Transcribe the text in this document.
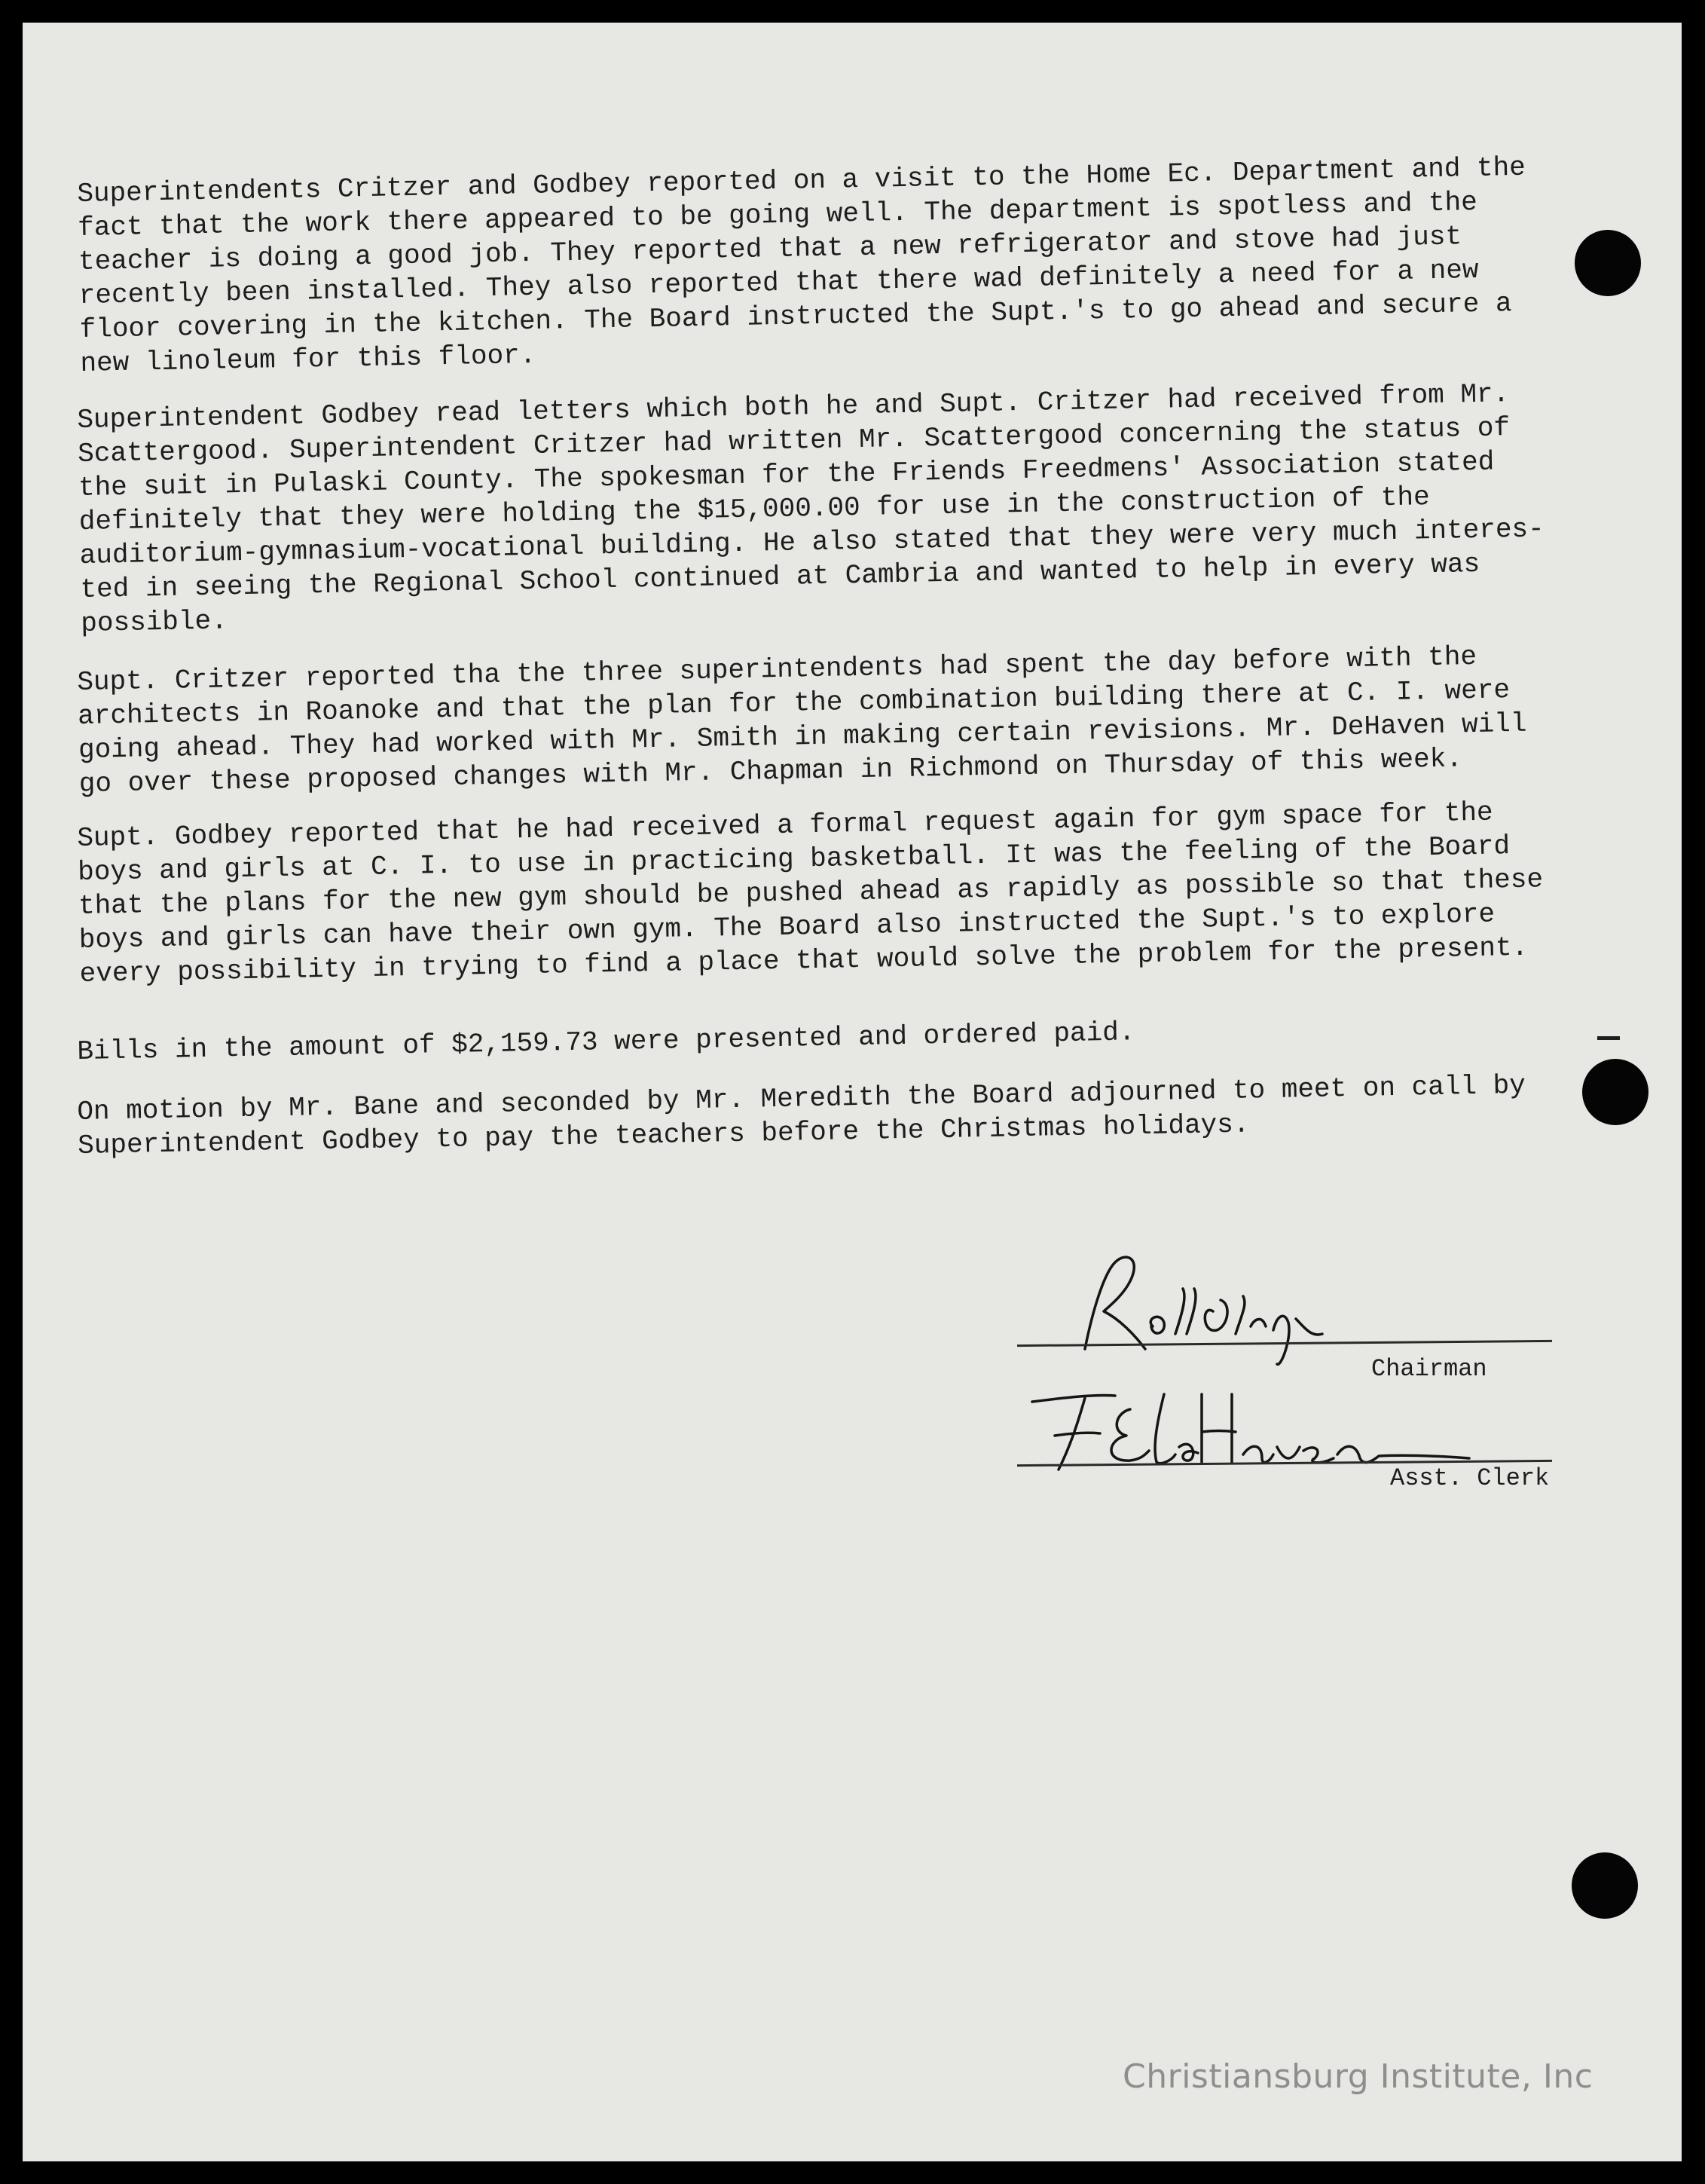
Superintendents Critzer and Godbey reported on a visit to the Home Ec. Department and the fact that the work there appeared to be going well. The department is spotless and the teacher is doing a good job. They reported that a new refrigerator and stove had just recently been installed. They also reported that there wad definitely a need for a new floor covering in the kitchen. The Board instructed the Supt.'s to go ahead and secure a new linoleum for this floor.
Superintendent Godbey read letters which both he and Supt. Critzer had received from Mr. Scattergood. Superintendent Critzer had written Mr. Scattergood concerning the status of the suit in Pulaski County. The spokesman for the Friends Freedmens' Association stated definitely that they were holding the $15,000.00 for use in the construction of the auditorium-gymnasium-vocational building. He also stated that they were very much interes-ted in seeing the Regional School continued at Cambria and wanted to help in every was possible.
Supt. Critzer reported tha the three superintendents had spent the day before with the architects in Roanoke and that the plan for the combination building there at C. I. were going ahead. They had worked with Mr. Smith in making certain revisions. Mr. DeHaven will go over these proposed changes with Mr. Chapman in Richmond on Thursday of this week.
Supt. Godbey reported that he had received a formal request again for gym space for the boys and girls at C. I. to use in practicing basketball. It was the feeling of the Board that the plans for the new gym should be pushed ahead as rapidly as possible so that these boys and girls can have their own gym. The Board also instructed the Supt.'s to explore every possibility in trying to find a place that would solve the problem for the present.
Bills in the amount of $2,159.73 were presented and ordered paid.
On motion by Mr. Bane and seconded by Mr. Meredith the Board adjourned to meet on call by Superintendent Godbey to pay the teachers before the Christmas holidays.
Chairman
Asst. Clerk
Christiansburg Institute, Inc
